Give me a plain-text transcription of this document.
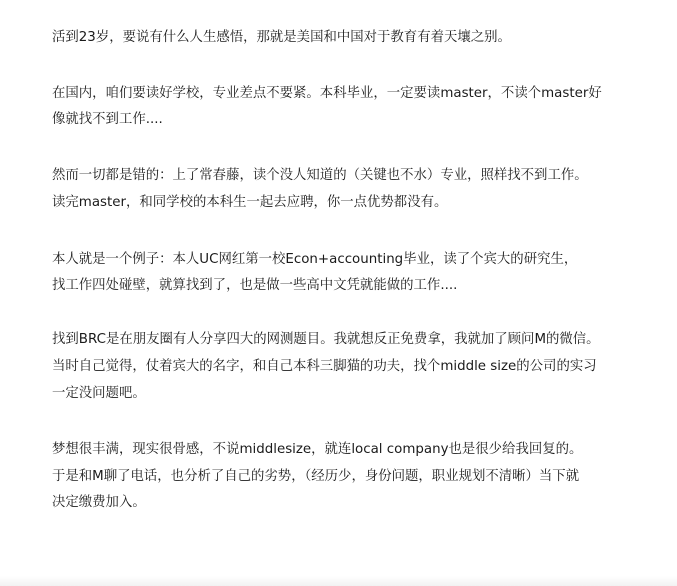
活到23岁，要说有什么人生感悟，那就是美国和中国对于教育有着天壤之别。
在国内，咱们要读好学校，专业差点不要紧。本科毕业，一定要读master，不读个master好
像就找不到工作....
然而一切都是错的：上了常春藤，读个没人知道的（关键也不水）专业，照样找不到工作。
读完master，和同学校的本科生一起去应聘，你一点优势都没有。
本人就是一个例子：本人UC网红第一校Econ+accounting毕业，读了个宾大的研究生，
找工作四处碰壁，就算找到了，也是做一些高中文凭就能做的工作....
找到BRC是在朋友圈有人分享四大的网测题目。我就想反正免费拿，我就加了顾问M的微信。
当时自己觉得，仗着宾大的名字，和自己本科三脚猫的功夫，找个middle size的公司的实习
一定没问题吧。
梦想很丰满，现实很骨感，不说middlesize，就连local company也是很少给我回复的。
于是和M聊了电话，也分析了自己的劣势，（经历少，身份问题，职业规划不清晰）当下就
决定缴费加入。
